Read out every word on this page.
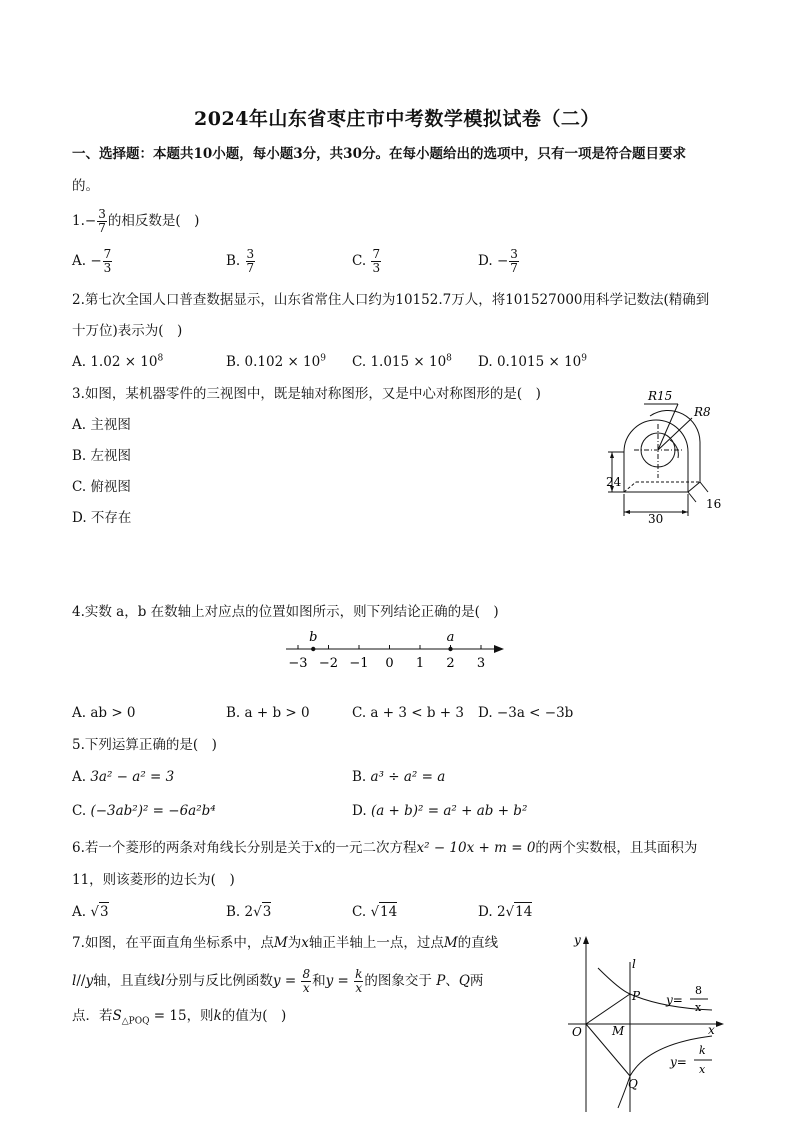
2024年山东省枣庄市中考数学模拟试卷（二）
一、选择题：本题共10小题，每小题3分，共30分。在每小题给出的选项中，只有一项是符合题目要求
的。
$1.- \frac{3}{7}$ 的相反数是(　)
A. − $\frac{7}{3}$	B. $\frac{3}{7}$	C. $\frac{7}{3}$	D. − $\frac{3}{7}$
2.第七次全国人口普查数据显示，山东省常住人口约为10152.7万人，将101527000用科学记数法(精确到
十万位)表示为(　)
A. $1.02 \times 10^8$	B. $0.102 \times 10^9$ C. $1.015 \times 10^8$ D. $0.1015 \times 10^9$
3.如图，某机器零件的三视图中，既是轴对称图形，又是中心对称图形的是(　)
A. 主视图
B. 左视图
C. 俯视图
D. 不存在
R15
R8
24
30
16
4.实数 a，b 在数轴上对应点的位置如图所示，则下列结论正确的是(　)
−3 −2 −1 0 1 2 3
b	a
A. ab > 0	B. a + b > 0	C. a + 3 < b + 3 D. −3a < −3b
5.下列运算正确的是(　)
A. 3a² − a² = 3	B. a³ ÷ a² = a
C. (−3ab²)² = −6a²b⁴	D. (a + b)² = a² + ab + b²
6.若一个菱形的两条对角线长分别是关于x的一元二次方程x² − 10x + m = 0的两个实数根，且其面积为
11，则该菱形的边长为(　)
A. √3	B. 2√3	C. √14	D. 2√14
7.如图，在平面直角坐标系中，点M为x轴正半轴上一点，过点M的直线
l//y轴，且直线l分别与反比例函数$y = \frac{8}{x}$ 和$y = \frac{k}{x}$ 的图象交于 P、Q两
点．若$S_{\triangle POQ} = 15$，则k的值为(　)
y
x
O
l
P
M
Q
y=
8
x
y=
k
x
